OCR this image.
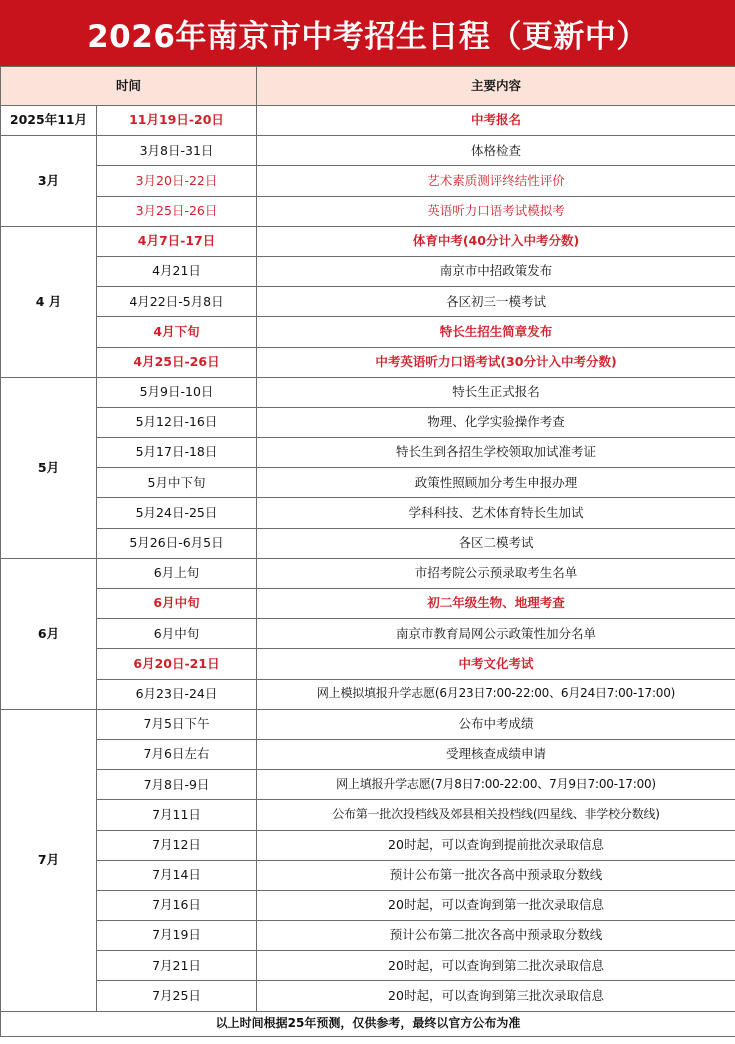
2026年南京市中考招生日程（更新中）
时间		主要内容
2025年11月	11月19日-20日	中考报名
3月	3月8日-31日	体格检查
	3月20日-22日	艺术素质测评终结性评价
	3月25日-26日	英语听力口语考试模拟考
4 月	4月7日-17日	体育中考(40分计入中考分数)
	4月21日	南京市中招政策发布
	4月22日-5月8日	各区初三一模考试
	4月下旬	特长生招生简章发布
	4月25日-26日	中考英语听力口语考试(30分计入中考分数)
5月	5月9日-10日	特长生正式报名
	5月12日-16日	物理、化学实验操作考查
	5月17日-18日	特长生到各招生学校领取加试准考证
	5月中下旬	政策性照顾加分考生申报办理
	5月24日-25日	学科科技、艺术体育特长生加试
	5月26日-6月5日	各区二模考试
6月	6月上旬	市招考院公示预录取考生名单
	6月中旬	初二年级生物、地理考查
	6月中旬	南京市教育局网公示政策性加分名单
	6月20日-21日	中考文化考试
	6月23日-24日	网上模拟填报升学志愿(6月23日7:00-22:00、6月24日7:00-17:00)
7月	7月5日下午	公布中考成绩
	7月6日左右	受理核查成绩申请
	7月8日-9日	网上填报升学志愿(7月8日7:00-22:00、7月9日7:00-17:00)
	7月11日	公布第一批次投档线及郊县相关投档线(四星线、非学校分数线)
	7月12日	20时起，可以查询到提前批次录取信息
	7月14日	预计公布第一批次各高中预录取分数线
	7月16日	20时起，可以查询到第一批次录取信息
	7月19日	预计公布第二批次各高中预录取分数线
	7月21日	20时起，可以查询到第二批次录取信息
	7月25日	20时起，可以查询到第三批次录取信息
以上时间根据25年预测，仅供参考，最终以官方公布为准		
